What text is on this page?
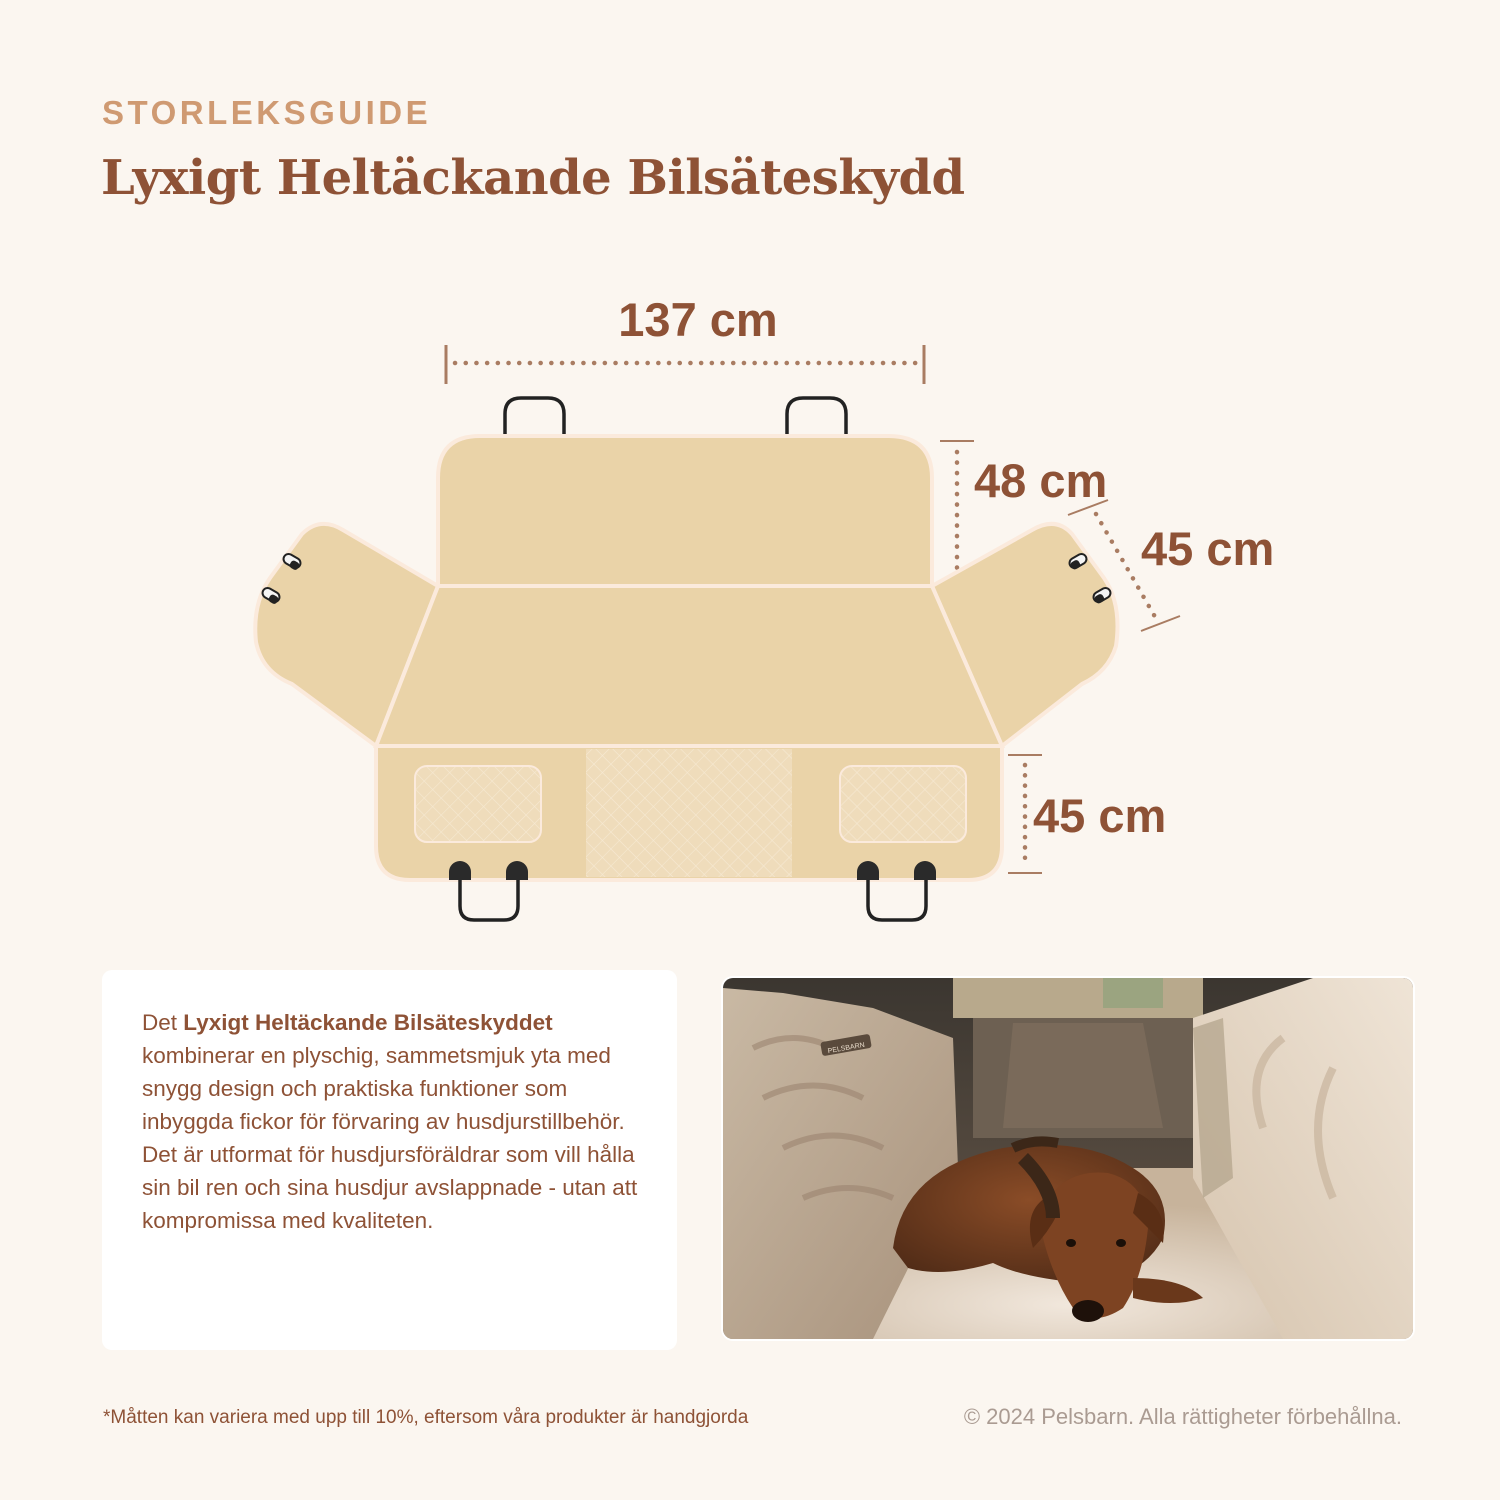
STORLEKSGUIDE
Lyxigt Heltäckande Bilsäteskydd
137 cm
48 cm
45 cm
45 cm

Det Lyxigt Heltäckande Bilsäteskyddet kombinerar en plyschig, sammetsmjuk yta med snygg design och praktiska funktioner som inbyggda fickor för förvaring av husdjurstillbehör. Det är utformat för husdjursföräldrar som vill hålla sin bil ren och sina husdjur avslappnade - utan att kompromissa med kvaliteten.

PELSBARN

*Måtten kan variera med upp till 10%, eftersom våra produkter är handgjorda	© 2024 Pelsbarn. Alla rättigheter förbehållna.
